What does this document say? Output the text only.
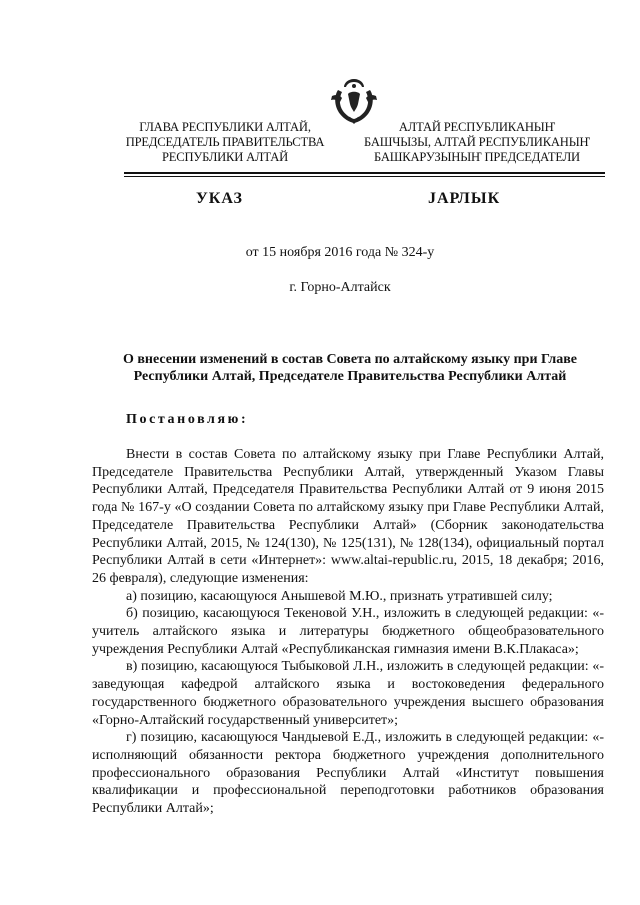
ГЛАВА РЕСПУБЛИКИ АЛТАЙ,
ПРЕДСЕДАТЕЛЬ ПРАВИТЕЛЬСТВА
РЕСПУБЛИКИ АЛТАЙ
АЛТАЙ РЕСПУБЛИКАНЫҤ
БАШЧЫЗЫ, АЛТАЙ РЕСПУБЛИКАНЫҤ
БАШКАРУЗЫНЫҤ ПРЕДСЕДАТЕЛИ
УКАЗ	JАРЛЫК
от 15 ноября 2016 года № 324-у
г. Горно-Алтайск
О внесении изменений в состав Совета по алтайскому языку при Главе
Республики Алтай, Председателе Правительства Республики Алтай
Постановляю:

Внести в состав Совета по алтайскому языку при Главе Республики Алтай, Председателе Правительства Республики Алтай, утвержденный Указом Главы Республики Алтай, Председателя Правительства Республики Алтай от 9 июня 2015 года № 167-у «О создании Совета по алтайскому языку при Главе Республики Алтай, Председателе Правительства Республики Алтай» (Сборник законодательства Республики Алтай, 2015, № 124(130), № 125(131), № 128(134), официальный портал Республики Алтай в сети «Интернет»: www.altai-republic.ru, 2015, 18 декабря; 2016, 26 февраля), следующие изменения:

а) позицию, касающуюся Анышевой М.Ю., признать утратившей силу;

б) позицию, касающуюся Текеновой У.Н., изложить в следующей редакции: «- учитель алтайского языка и литературы бюджетного общеобразовательного учреждения Республики Алтай «Республиканская гимназия имени В.К.Плакаса»;

в) позицию, касающуюся Тыбыковой Л.Н., изложить в следующей редакции: «- заведующая кафедрой алтайского языка и востоковедения федерального государственного бюджетного образовательного учреждения высшего образования «Горно-Алтайский государственный университет»;

г) позицию, касающуюся Чандыевой Е.Д., изложить в следующей редакции: «-исполняющий обязанности ректора бюджетного учреждения дополнительного профессионального образования Республики Алтай «Институт повышения квалификации и профессиональной переподготовки работников образования Республики Алтай»;
